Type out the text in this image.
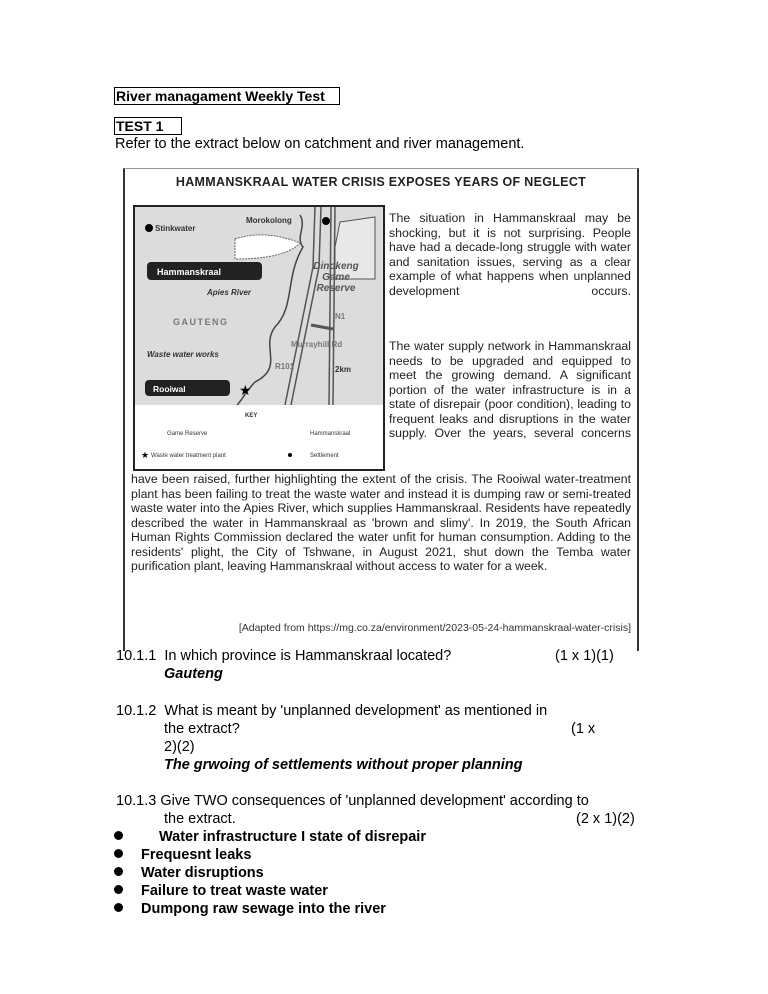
River managament Weekly Test
TEST 1
Refer to the extract below on catchment and river management.
HAMMANSKRAAL WATER CRISIS EXPOSES YEARS OF NEGLECT
Morokolong
Stinkwater
Hammanskraal
Apies River
GAUTENG
N1
Murrayhill Rd
Waste water works
R101	2km
Rooiwal	★
KEY
Game Reserve	Hammanskraal
Waste water treatment plant
★	Settlement
Dinokeng Game Reserve
The situation in Hammanskraal may be shocking, but it is not surprising. People have had a decade-long struggle with water and sanitation issues, serving as a clear example of what happens when unplanned development occurs.
The water supply network in Hammanskraal needs to be upgraded and equipped to meet the growing demand. A significant portion of the water infrastructure is in a state of disrepair (poor condition), leading to frequent leaks and disruptions in the water supply. Over the years, several concerns
have been raised, further highlighting the extent of the crisis. The Rooiwal water-treatment plant has been failing to treat the waste water and instead it is dumping raw or semi-treated waste water into the Apies River, which supplies Hammanskraal. Residents have repeatedly described the water in Hammanskraal as 'brown and slimy'. In 2019, the South African Human Rights Commission declared the water unfit for human consumption. Adding to the residents' plight, the City of Tshwane, in August 2021, shut down the Temba water purification plant, leaving Hammanskraal without access to water for a week.
[Adapted from https://mg.co.za/environment/2023-05-24-hammanskraal-water-crisis]
10.1.1 In which province is Hammanskraal located?	(1 x 1)(1)
Gauteng
10.1.2 What is meant by 'unplanned development' as mentioned in
the extract?	(1 x
2)(2)
The grwoing of settlements without proper planning
10.1.3 Give TWO consequences of 'unplanned development' according to
the extract.	(2 x 1)(2)
Water infrastructure I state of disrepair
Frequesnt leaks
Water disruptions
Failure to treat waste water
Dumpong raw sewage into the river
